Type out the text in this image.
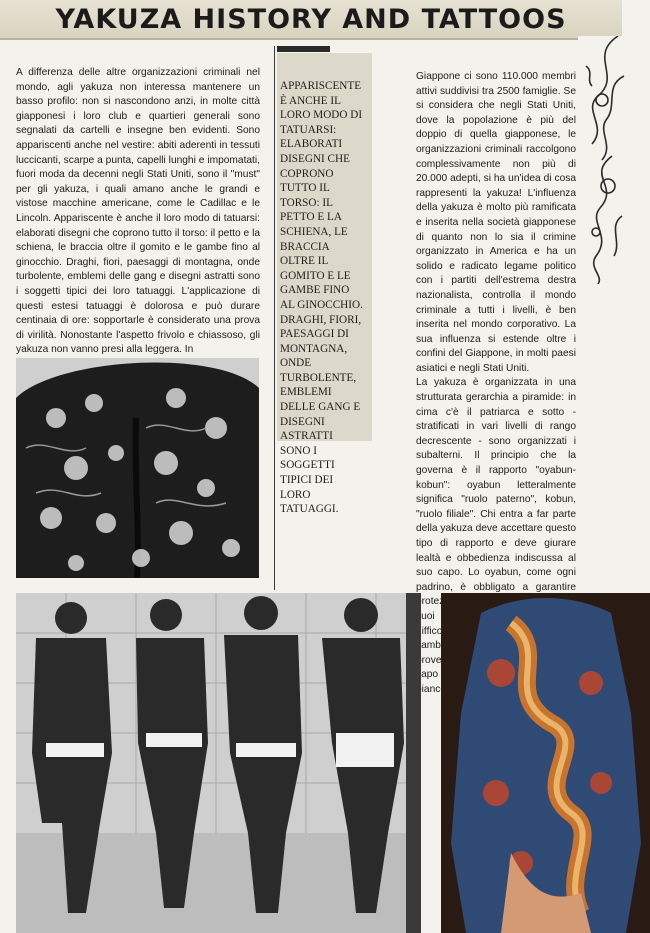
YAKUZA HISTORY AND TATTOOS
A differenza delle altre organizzazioni criminali nel mondo, agli yakuza non interessa mantenere un basso profilo: non si nascondono anzi, in molte città giapponesi i loro club e quartieri generali sono segnalati da cartelli e insegne ben evidenti. Sono appariscenti anche nel vestire: abiti aderenti in tessuti luccicanti, scarpe a punta, capelli lunghi e impomatati, fuori moda da decenni negli Stati Uniti, sono il "must" per gli yakuza, i quali amano anche le grandi e vistose macchine americane, come le Cadillac e le Lincoln. Appariscente è anche il loro modo di tatuarsi: elaborati disegni che coprono tutto il torso: il petto e la schiena, le braccia oltre il gomito e le gambe fino al ginocchio. Draghi, fiori, paesaggi di montagna, onde turbolente, emblemi delle gang e disegni astratti sono i soggetti tipici dei loro tatuaggi. L'applicazione di questi estesi tatuaggi è dolorosa e può durare centinaia di ore: sopportarle è considerato una prova di virilità. Nonostante l'aspetto frivolo e chiassoso, gli yakuza non vanno presi alla leggera. In
APPARISCENTE È ANCHE IL LORO MODO DI TATUARSI: ELABORATI DISEGNI CHE COPRONO TUTTO IL TORSO: IL PETTO E LA SCHIENA, LE BRACCIA OLTRE IL GOMITO E LE GAMBE FINO AL GINOCCHIO. DRAGHI, FIORI, PAESAGGI DI MONTAGNA, ONDE TURBOLENTE, EMBLEMI DELLE GANG E DISEGNI ASTRATTI SONO I SOGGETTI TIPICI DEI LORO TATUAGGI.

Giappone ci sono 110.000 membri attivi suddivisi tra 2500 famiglie. Se si considera che negli Stati Uniti, dove la popolazione è più del doppio di quella giapponese, le organizzazioni criminali raccolgono complessivamente non più di 20.000 adepti, si ha un'idea di cosa rappresenti la yakuza! L'influenza della yakuza è molto più ramificata e inserita nella società giapponese di quanto non lo sia il crimine organizzato in America e ha un solido e radicato legame politico con i partiti dell'estrema destra nazionalista, controlla il mondo criminale a tutti i livelli, è ben inserita nel mondo corporativo. La sua influenza si estende oltre i confini del Giappone, in molti paesi asiatici e negli Stati Uniti.

La yakuza è organizzata in una strutturata gerarchia a piramide: in cima c'è il patriarca e sotto - stratificati in vari livelli di rango decrescente - sono organizzati i subalterni. Il principio che la governa è il rapporto "oyabun-kobun": oyabun letteralmente significa "ruolo paterno", kobun, "ruolo filiale". Chi entra a far parte della yakuza deve accettare questo tipo di rapporto e deve giurare lealtà e obbedienza indiscussa al suo capo. Lo oyabun, come ogni padrino, è obbligato a garantire suoi difficoltà cambio, proverbio capo bianco,
